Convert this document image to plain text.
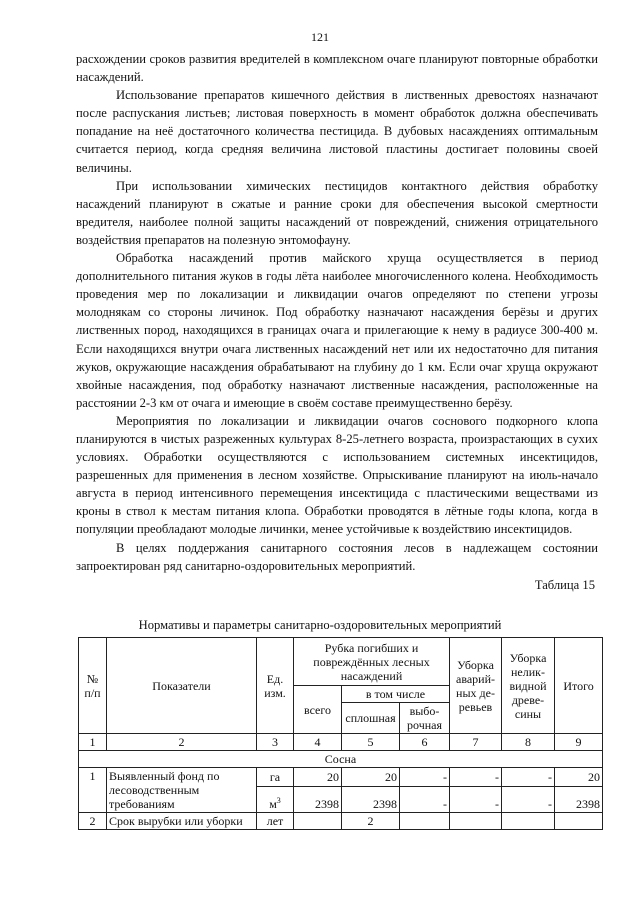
121

расхождении сроков развития вредителей в комплексном очаге планируют повторные обработки насаждений.

Использование препаратов кишечного действия в лиственных древостоях назначают после распускания листьев; листовая поверхность в момент обработок должна обеспечивать попадание на неё достаточного количества пестицида. В дубовых насаждениях оптимальным считается период, когда средняя величина листовой пластины достигает половины своей величины.

При использовании химических пестицидов контактного действия обработку насаждений планируют в сжатые и ранние сроки для обеспечения высокой смертности вредителя, наиболее полной защиты насаждений от повреждений, снижения отрицательного воздействия препаратов на полезную энтомофауну.

Обработка насаждений против майского хруща осуществляется в период дополнительного питания жуков в годы лёта наиболее многочисленного колена. Необходимость проведения мер по локализации и ликвидации очагов определяют по степени угрозы молоднякам со стороны личинок. Под обработку назначают насаждения берёзы и других лиственных пород, находящихся в границах очага и прилегающие к нему в радиусе 300-400 м. Если находящихся внутри очага лиственных насаждений нет или их недостаточно для питания жуков, окружающие насаждения обрабатывают на глубину до 1 км. Если очаг хруща окружают хвойные насаждения, под обработку назначают лиственные насаждения, расположенные на расстоянии 2-3 км от очага и имеющие в своём составе преимущественно берёзу.

Мероприятия по локализации и ликвидации очагов соснового подкорного клопа планируются в чистых разреженных культурах 8-25-летнего возраста, произрастающих в сухих условиях. Обработки осуществляются с использованием системных инсектицидов, разрешенных для применения в лесном хозяйстве. Опрыскивание планируют на июль-начало августа в период интенсивного перемещения инсектицида с пластическими веществами из кроны в ствол к местам питания клопа. Обработки проводятся в лётные годы клопа, когда в популяции преобладают молодые личинки, менее устойчивые к воздействию инсектицидов.

В целях поддержания санитарного состояния лесов в надлежащем состоянии запроектирован ряд санитарно-оздоровительных мероприятий.

Таблица 15
Нормативы и параметры санитарно-оздоровительных мероприятий
№ п/п	Показатели	Ед. изм.	Рубка погибших и повреждённых лесных насаждений			Уборка аварий-ных де-ревьев	Уборка нелик-видной древе-сины	Итого
			всего	в том числе				
				сплошная	выбо-рочная			
1	2	3	4	5	6	7	8	9
Сосна								
1	Выявленный фонд по лесоводственным требованиям	га	20	20	-	-	-	20
		$м^3$	2398	2398	-	-	-	2398
2	Срок вырубки или уборки	лет		2				
